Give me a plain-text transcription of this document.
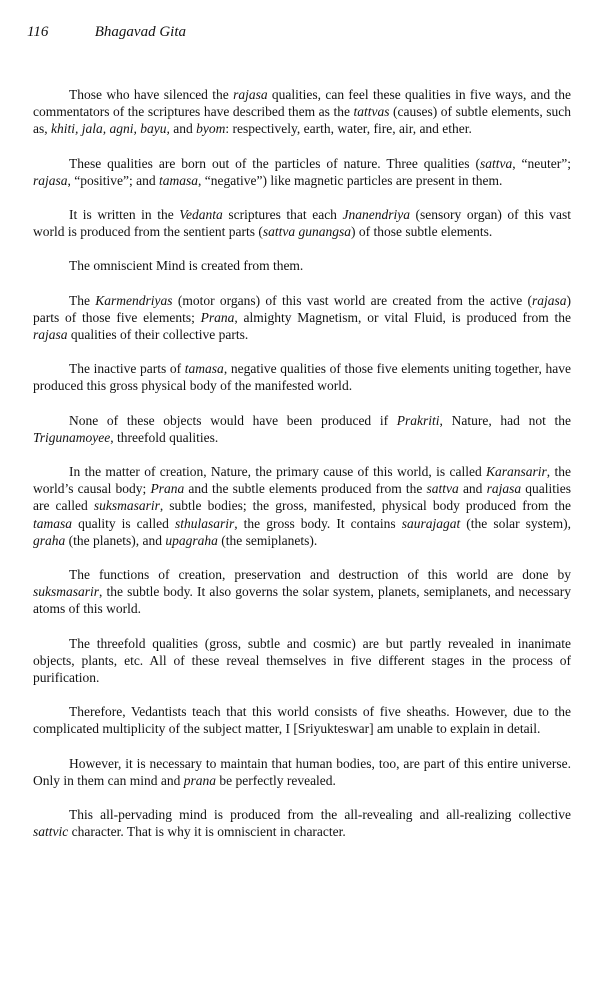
116	Bhagavad Gita

Those who have silenced the rajasa qualities, can feel these qualities in five ways, and the commentators of the scriptures have described them as the tattvas (causes) of subtle elements, such as, khiti, jala, agni, bayu, and byom: respectively, earth, water, fire, air, and ether.

These qualities are born out of the particles of nature. Three qualities (sattva, “neuter”; rajasa, “positive”; and tamasa, “negative”) like magnetic particles are present in them.

It is written in the Vedanta scriptures that each Jnanendriya (sensory organ) of this vast world is produced from the sentient parts (sattva gunangsa) of those subtle elements.

The omniscient Mind is created from them.

The Karmendriyas (motor organs) of this vast world are created from the active (rajasa) parts of those five elements; Prana, almighty Magnetism, or vital Fluid, is produced from the rajasa qualities of their collective parts.

The inactive parts of tamasa, negative qualities of those five elements uniting together, have produced this gross physical body of the manifested world.

None of these objects would have been produced if Prakriti, Nature, had not the Trigunamoyee, threefold qualities.

In the matter of creation, Nature, the primary cause of this world, is called Karansarir, the world’s causal body; Prana and the subtle elements produced from the sattva and rajasa qualities are called suksmasarir, subtle bodies; the gross, manifested, physical body produced from the tamasa quality is called sthulasarir, the gross body. It contains saurajagat (the solar system), graha (the planets), and upagraha (the semiplanets).

The functions of creation, preservation and destruction of this world are done by suksmasarir, the subtle body. It also governs the solar system, planets, semiplanets, and necessary atoms of this world.

The threefold qualities (gross, subtle and cosmic) are but partly revealed in inanimate objects, plants, etc. All of these reveal themselves in five different stages in the process of purification.

Therefore, Vedantists teach that this world consists of five sheaths. However, due to the complicated multiplicity of the subject matter, I [Sriyukteswar] am unable to explain in detail.

However, it is necessary to maintain that human bodies, too, are part of this entire universe. Only in them can mind and prana be perfectly revealed.

This all-pervading mind is produced from the all-revealing and all-realizing collective sattvic character. That is why it is omniscient in character.
